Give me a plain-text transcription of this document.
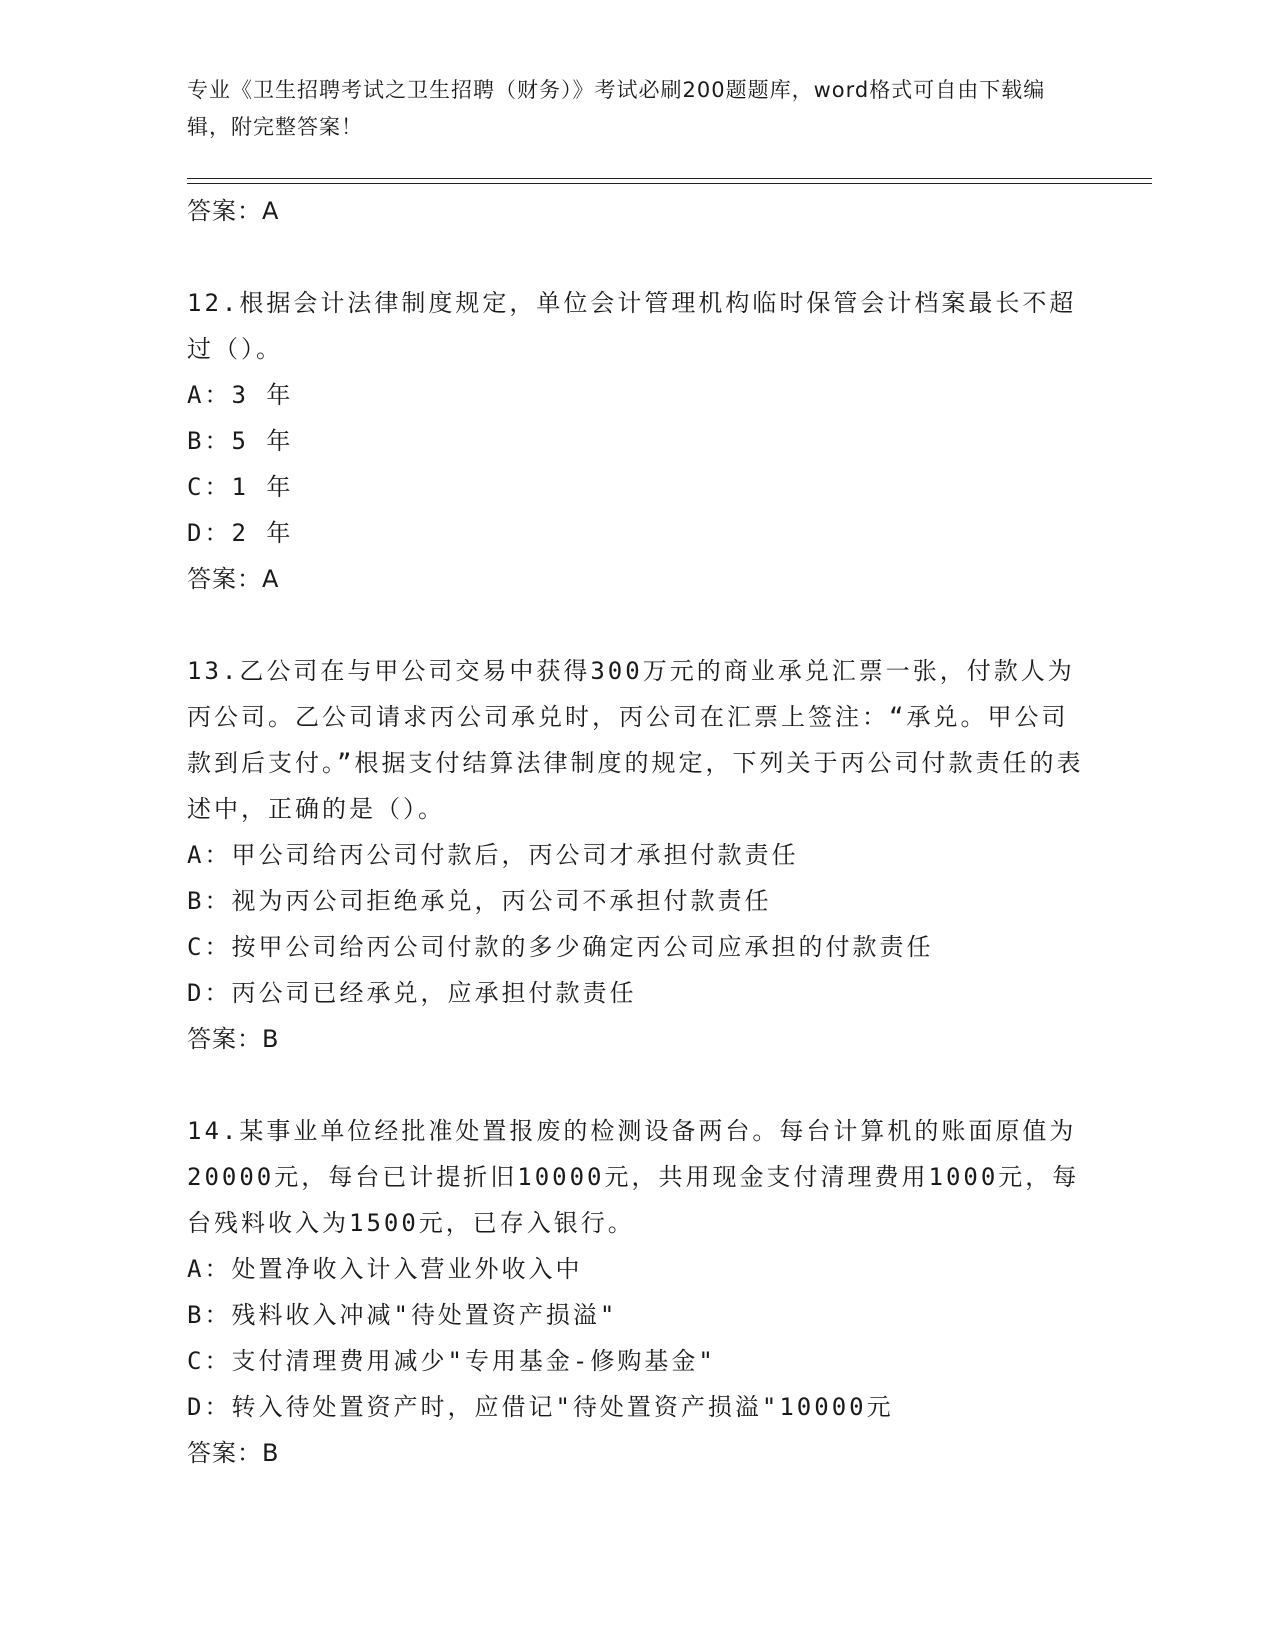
专业《卫生招聘考试之卫生招聘（财务）》考试必刷200题题库，word格式可自由下载编辑，附完整答案！
答案：A
12.根据会计法律制度规定，单位会计管理机构临时保管会计档案最长不超过（）。
A：3 年
B：5 年
C：1 年
D：2 年
答案：A
13.乙公司在与甲公司交易中获得300万元的商业承兑汇票一张，付款人为丙公司。乙公司请求丙公司承兑时，丙公司在汇票上签注：“承兑。甲公司款到后支付。”根据支付结算法律制度的规定，下列关于丙公司付款责任的表述中，正确的是（）。
A：甲公司给丙公司付款后，丙公司才承担付款责任
B：视为丙公司拒绝承兑，丙公司不承担付款责任
C：按甲公司给丙公司付款的多少确定丙公司应承担的付款责任
D：丙公司已经承兑，应承担付款责任
答案：B
14.某事业单位经批准处置报废的检测设备两台。每台计算机的账面原值为20000元，每台已计提折旧10000元，共用现金支付清理费用1000元，每台残料收入为1500元，已存入银行。
A：处置净收入计入营业外收入中
B：残料收入冲减"待处置资产损溢"
C：支付清理费用减少"专用基金-修购基金"
D：转入待处置资产时，应借记"待处置资产损溢"10000元
答案：B
